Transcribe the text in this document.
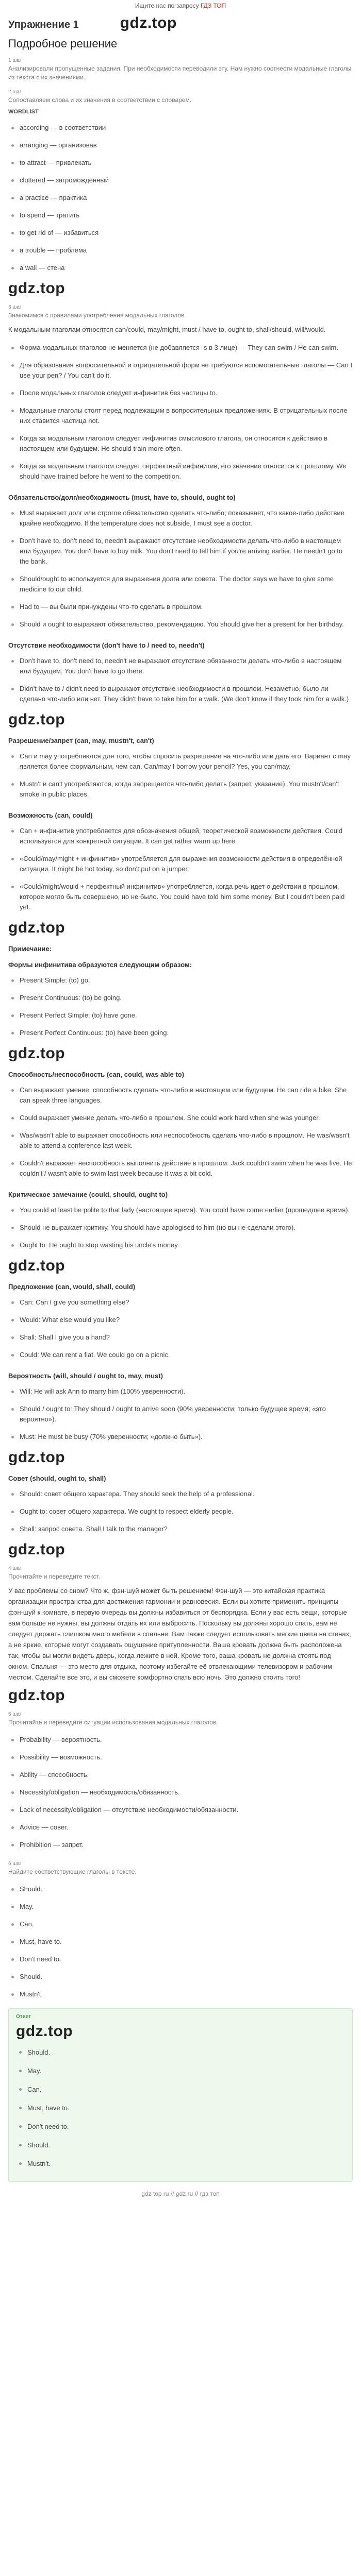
Ищите нас по запросу ГДЗ ТОП
Упражнение 1	gdz.top
Подробное решение
1 шаг
Анализировали пропущенные задания. При необходимости переводили эту. Нам нужно соотнести модальные глаголы из текста с их значениями.
2 шаг
Сопоставляем слова и их значения в соответствии с словарем.
WORDLIST
according — в соответствии
arranging — организовав
to attract — привлекать
cluttered — загромождённый
a practice — практика
to spend — тратить
to get rid of — избавиться
a trouble — проблема
a wall — стена
gdz.top
3 шаг
Знакомимся с правилами употребления модальных глаголов.
К модальным глаголам относятся can/could, may/might, must / have to, ought to, shall/should, will/would.
Форма модальных глаголов не меняется (не добавляется -s в 3 лице) — They can swim / He can swim.
Для образования вопросительной и отрицательной форм не требуются вспомогательные глаголы — Can I use your pen? / You can't do it.
После модальных глаголов следует инфинитив без частицы to.
Модальные глаголы стоят перед подлежащим в вопросительных предложениях. В отрицательных после них ставится частица not.
Когда за модальным глаголом следует инфинитив смыслового глагола, он относится к действию в настоящем или будущем. He should train more often.
Когда за модальным глаголом следует перфектный инфинитив, его значение относится к прошлому. We should have trained before he went to the competition.
Обязательство/долг/необходимость (must, have to, should, ought to)
Must выражает долг или строгое обязательство сделать что-либо; показывает, что какое-либо действие крайне необходимо. If the temperature does not subside, I must see a doctor.
Don't have to, don't need to, needn't выражают отсутствие необходимости делать что-либо в настоящем или будущем. You don't have to buy milk. You don't need to tell him if you're arriving earlier. He needn't go to the bank.
Should/ought to используется для выражения долга или совета. The doctor says we have to give some medicine to our child.
Had to — вы были принуждены что-то сделать в прошлом.
Should и ought to выражают обязательство, рекомендацию. You should give her a present for her birthday.
Отсутствие необходимости (don't have to / need to, needn't)
Don't have to, don't need to, needn't не выражают отсутствие обязанности делать что-либо в настоящем или будущем. You don't have to go there.
Didn't have to / didn't need to выражают отсутствие необходимости в прошлом. Незаметно, было ли сделано что-либо или нет. They didn't have to take him for a walk. (We don't know if they took him for a walk.)
gdz.top
Разрешение/запрет (can, may, mustn't, can't)
Can и may употребляются для того, чтобы спросить разрешение на что-либо или дать его. Вариант с may является более формальным, чем can. Can/may I borrow your pencil? Yes, you can/may.
Mustn't и can't употребляются, когда запрещается что-либо делать (запрет, указание). You mustn't/can't smoke in public places.
Возможность (can, could)
Can + инфинитив употребляется для обозначения общей, теоретической возможности действия. Could используется для конкретной ситуации. It can get rather warm up here.
«Could/may/might + инфинитив» употребляется для выражения возможности действия в определённой ситуации. It might be hot today, so don't put on a jumper.
«Could/might/would + перфектный инфинитив» употребляется, когда речь идет о действии в прошлом, которое могло быть совершено, но не было. You could have told him some money. But I couldn't been paid yet.
gdz.top
Примечание:
Формы инфинитива образуются следующим образом:
Present Simple: (to) go.
Present Continuous: (to) be going.
Present Perfect Simple: (to) have gone.
Present Perfect Continuous: (to) have been going.
gdz.top
Способность/неспособность (can, could, was able to)
Can выражает умение, способность сделать что-либо в настоящем или будущем. He can ride a bike. She can speak three languages.
Could выражает умение делать что-либо в прошлом. She could work hard when she was younger.
Was/wasn't able to выражает способность или неспособность сделать что-либо в прошлом. He was/wasn't able to attend a conference last week.
Couldn't выражает неспособность выполнить действие в прошлом. Jack couldn't swim when he was five. He couldn't / wasn't able to swim last week because it was a bit cold.
Критическое замечание (could, should, ought to)
You could at least be polite to that lady (настоящее время). You could have come earlier (прошедшее время).
Should не выражает критику. You should have apologised to him (но вы не сделали этого).
Ought to: He ought to stop wasting his uncle's money.
gdz.top
Предложение (can, would, shall, could)
Can: Can I give you something else?
Would: What else would you like?
Shall: Shall I give you a hand?
Could: We can rent a flat. We could go on a picnic.
Вероятность (will, should / ought to, may, must)
Will: He will ask Ann to marry him (100% уверенности).
Should / ought to: They should / ought to arrive soon (90% уверенности; только будущее время; «это вероятно»).
Must: He must be busy (70% уверенности; «должно быть»).
gdz.top
Совет (should, ought to, shall)
Should: совет общего характера. They should seek the help of a professional.
Ought to: совет общего характера. We ought to respect elderly people.
Shall: запрос совета. Shall I talk to the manager?
gdz.top
4 шаг
Прочитайте и переведите текст.
У вас проблемы со сном? Что ж, фэн-шуй может быть решением! Фэн-шуй — это китайская практика организации пространства для достижения гармонии и равновесия. Если вы хотите применить принципы фэн-шуй к комнате, в первую очередь вы должны избавиться от беспорядка. Если у вас есть вещи, которые вам больше не нужны, вы должны отдать их или выбросить. Поскольку вы должны хорошо спать, вам не следует держать слишком много мебели в спальне. Вам также следует использовать мягкие цвета на стенах, а не яркие, которые могут создавать ощущение притупленности. Ваша кровать должна быть расположена так, чтобы вы могли видеть дверь, когда лежите в ней. Кроме того, ваша кровать не должна стоять под окном. Спальня — это место для отдыха, поэтому избегайте её отвлекающими телевизором и рабочим местом. Сделайте все это, и вы сможете комфортно спать всю ночь. Это должно стоить того!
gdz.top
5 шаг
Прочитайте и переведите ситуации использования модальных глаголов.
Probability — вероятность.
Possibility — возможность.
Ability — способность.
Necessity/obligation — необходимость/обязанность.
Lack of necessity/obligation — отсутствие необходимости/обязанности.
Advice — совет.
Prohibition — запрет.
6 шаг
Найдите соответствующие глаголы в тексте.
Should.
May.
Can.
Must, have to.
Don't need to.
Should.
Mustn't.
Ответ
gdz.top
Should.
May.
Can.
Must, have to.
Don't need to.
Should.
Mustn't.
gdz top ru // gdz ru // гдз топ
